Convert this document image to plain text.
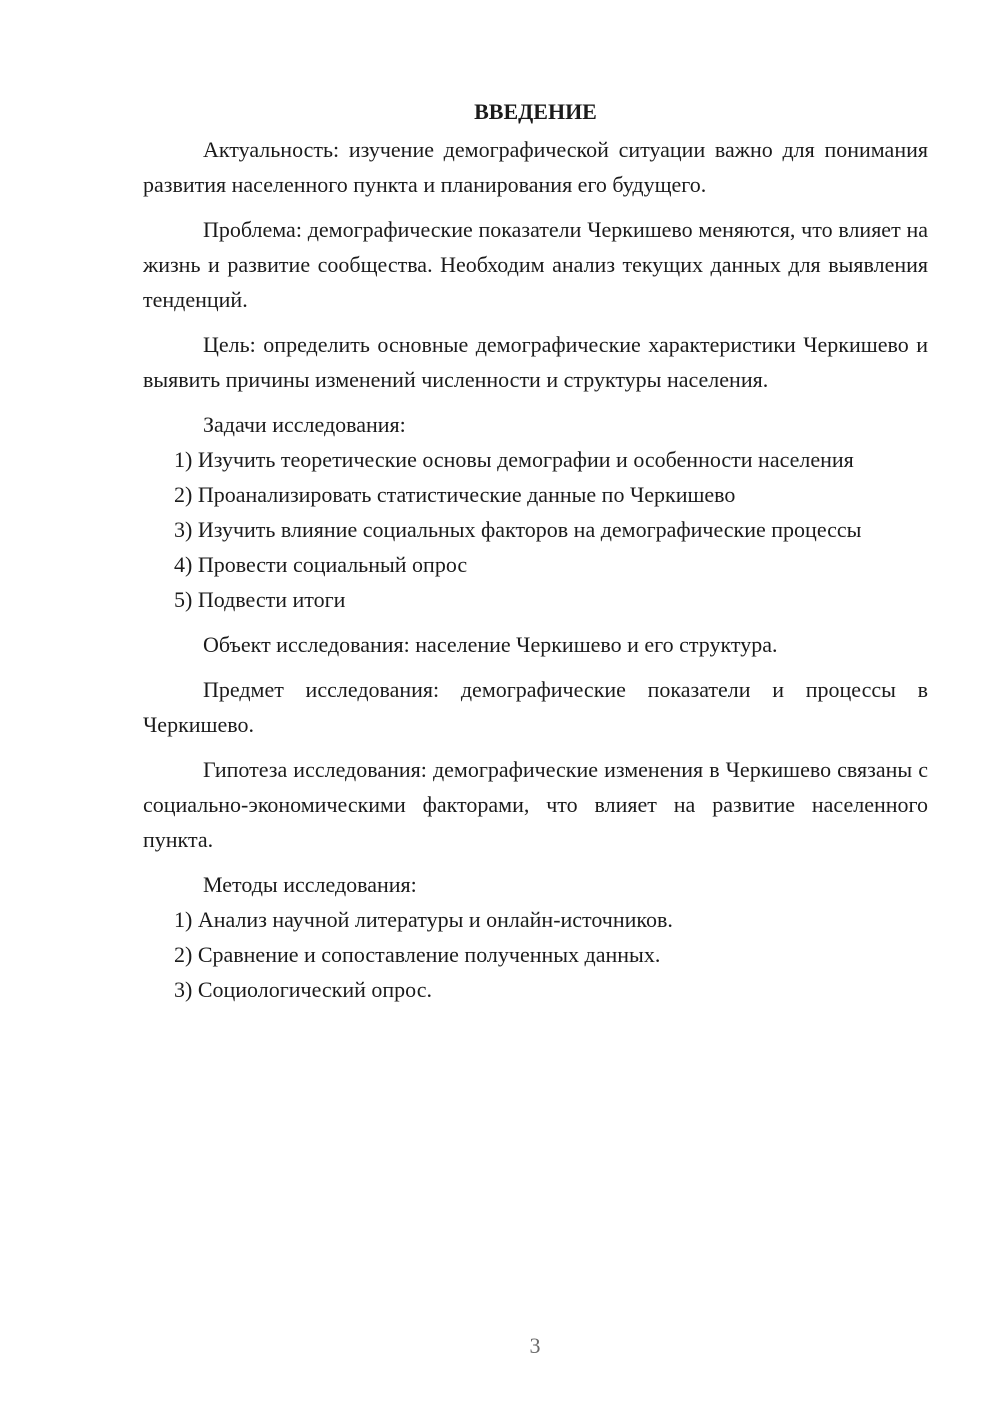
ВВЕДЕНИЕ

Актуальность: изучение демографической ситуации важно для понимания развития населенного пункта и планирования его будущего.

Проблема: демографические показатели Черкишево меняются, что влияет на жизнь и развитие сообщества. Необходим анализ текущих данных для выявления тенденций.

Цель: определить основные демографические характеристики Черкишево и выявить причины изменений численности и структуры населения.

Задачи исследования:

1) Изучить теоретические основы демографии и особенности населения

2) Проанализировать статистические данные по Черкишево

3) Изучить влияние социальных факторов на демографические процессы

4) Провести социальный опрос

5) Подвести итоги

Объект исследования: население Черкишево и его структура.

Предмет исследования: демографические показатели и процессы в Черкишево.

Гипотеза исследования: демографические изменения в Черкишево связаны с социально-экономическими факторами, что влияет на развитие населенного пункта.

Методы исследования:

1) Анализ научной литературы и онлайн-источников.

2) Сравнение и сопоставление полученных данных.

3) Социологический опрос.

3
